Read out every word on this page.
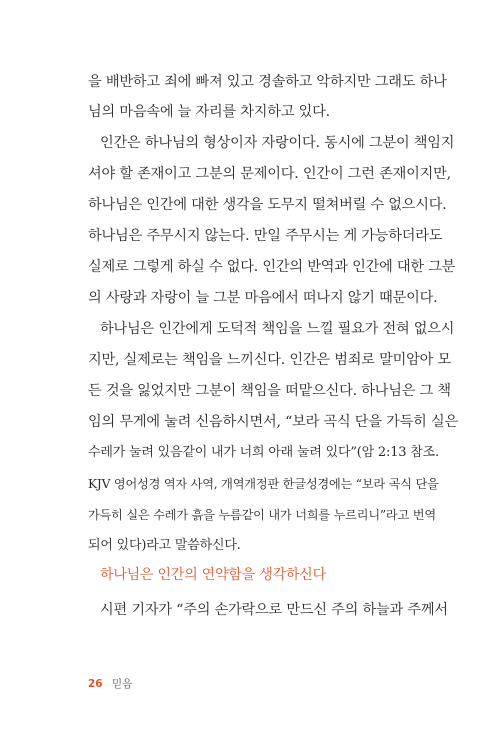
을 배반하고 죄에 빠져 있고 경솔하고 악하지만 그래도 하나
님의 마음속에 늘 자리를 차지하고 있다.
인간은 하나님의 형상이자 자랑이다. 동시에 그분이 책임지
셔야 할 존재이고 그분의 문제이다. 인간이 그런 존재이지만,
하나님은 인간에 대한 생각을 도무지 떨쳐버릴 수 없으시다.
하나님은 주무시지 않는다. 만일 주무시는 게 가능하더라도
실제로 그렇게 하실 수 없다. 인간의 반역과 인간에 대한 그분
의 사랑과 자랑이 늘 그분 마음에서 떠나지 않기 때문이다.
하나님은 인간에게 도덕적 책임을 느낄 필요가 전혀 없으시
지만, 실제로는 책임을 느끼신다. 인간은 범죄로 말미암아 모
든 것을 잃었지만 그분이 책임을 떠맡으신다. 하나님은 그 책
임의 무게에 눌려 신음하시면서, “보라 곡식 단을 가득히 실은
수레가 눌려 있음같이 내가 너희 아래 눌려 있다”(암 2:13 참조.
KJV 영어성경 역자 사역, 개역개정판 한글성경에는 “보라 곡식 단을
가득히 실은 수레가 흙을 누름같이 내가 너희를 누르리니”라고 번역
되어 있다)라고 말씀하신다.
하나님은 인간의 연약함을 생각하신다
시편 기자가 “주의 손가락으로 만드신 주의 하늘과 주께서
26 믿음
